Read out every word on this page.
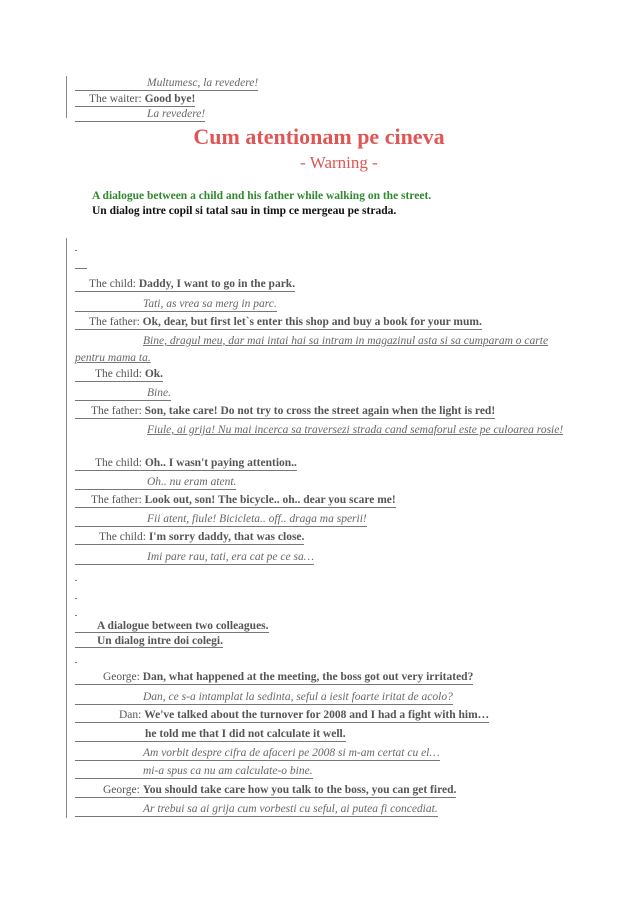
Multumesc, la revedere!
The waiter: Good bye!
La revedere!
Cum atentionam pe cineva
- Warning -
A dialogue between a child and his father while walking on the street.
Un dialog intre copil si tatal sau in timp ce mergeau pe strada.
The child: Daddy, I want to go in the park.
Tati, as vrea sa merg in parc.
The father: Ok, dear, but first let`s enter this shop and buy a book for your mum.
Bine, dragul meu, dar mai intai hai sa intram in magazinul asta si sa cumparam o carte pentru mama ta.
The child: Ok.
Bine.
The father: Son, take care! Do not try to cross the street again when the light is red!
Fiule, ai grija! Nu mai incerca sa traversezi strada cand semaforul este pe culoarea rosie!
The child: Oh.. I wasn't paying attention..
Oh.. nu eram atent.
The father: Look out, son! The bicycle.. oh.. dear you scare me!
Fii atent, fiule! Bicicleta.. off.. draga ma sperii!
The child: I'm sorry daddy, that was close.
Imi pare rau, tati, era cat pe ce sa…
A dialogue between two colleagues.
Un dialog intre doi colegi.
George: Dan, what happened at the meeting, the boss got out very irritated?
Dan, ce s-a intamplat la sedinta, seful a iesit foarte iritat de acolo?
Dan: We've talked about the turnover for 2008 and I had a fight with him…
he told me that I did not calculate it well.
Am vorbit despre cifra de afaceri pe 2008 si m-am certat cu el…
mi-a spus ca nu am calculate-o bine.
George: You should take care how you talk to the boss, you can get fired.
Ar trebui sa ai grija cum vorbesti cu seful, ai putea fi concediat.
